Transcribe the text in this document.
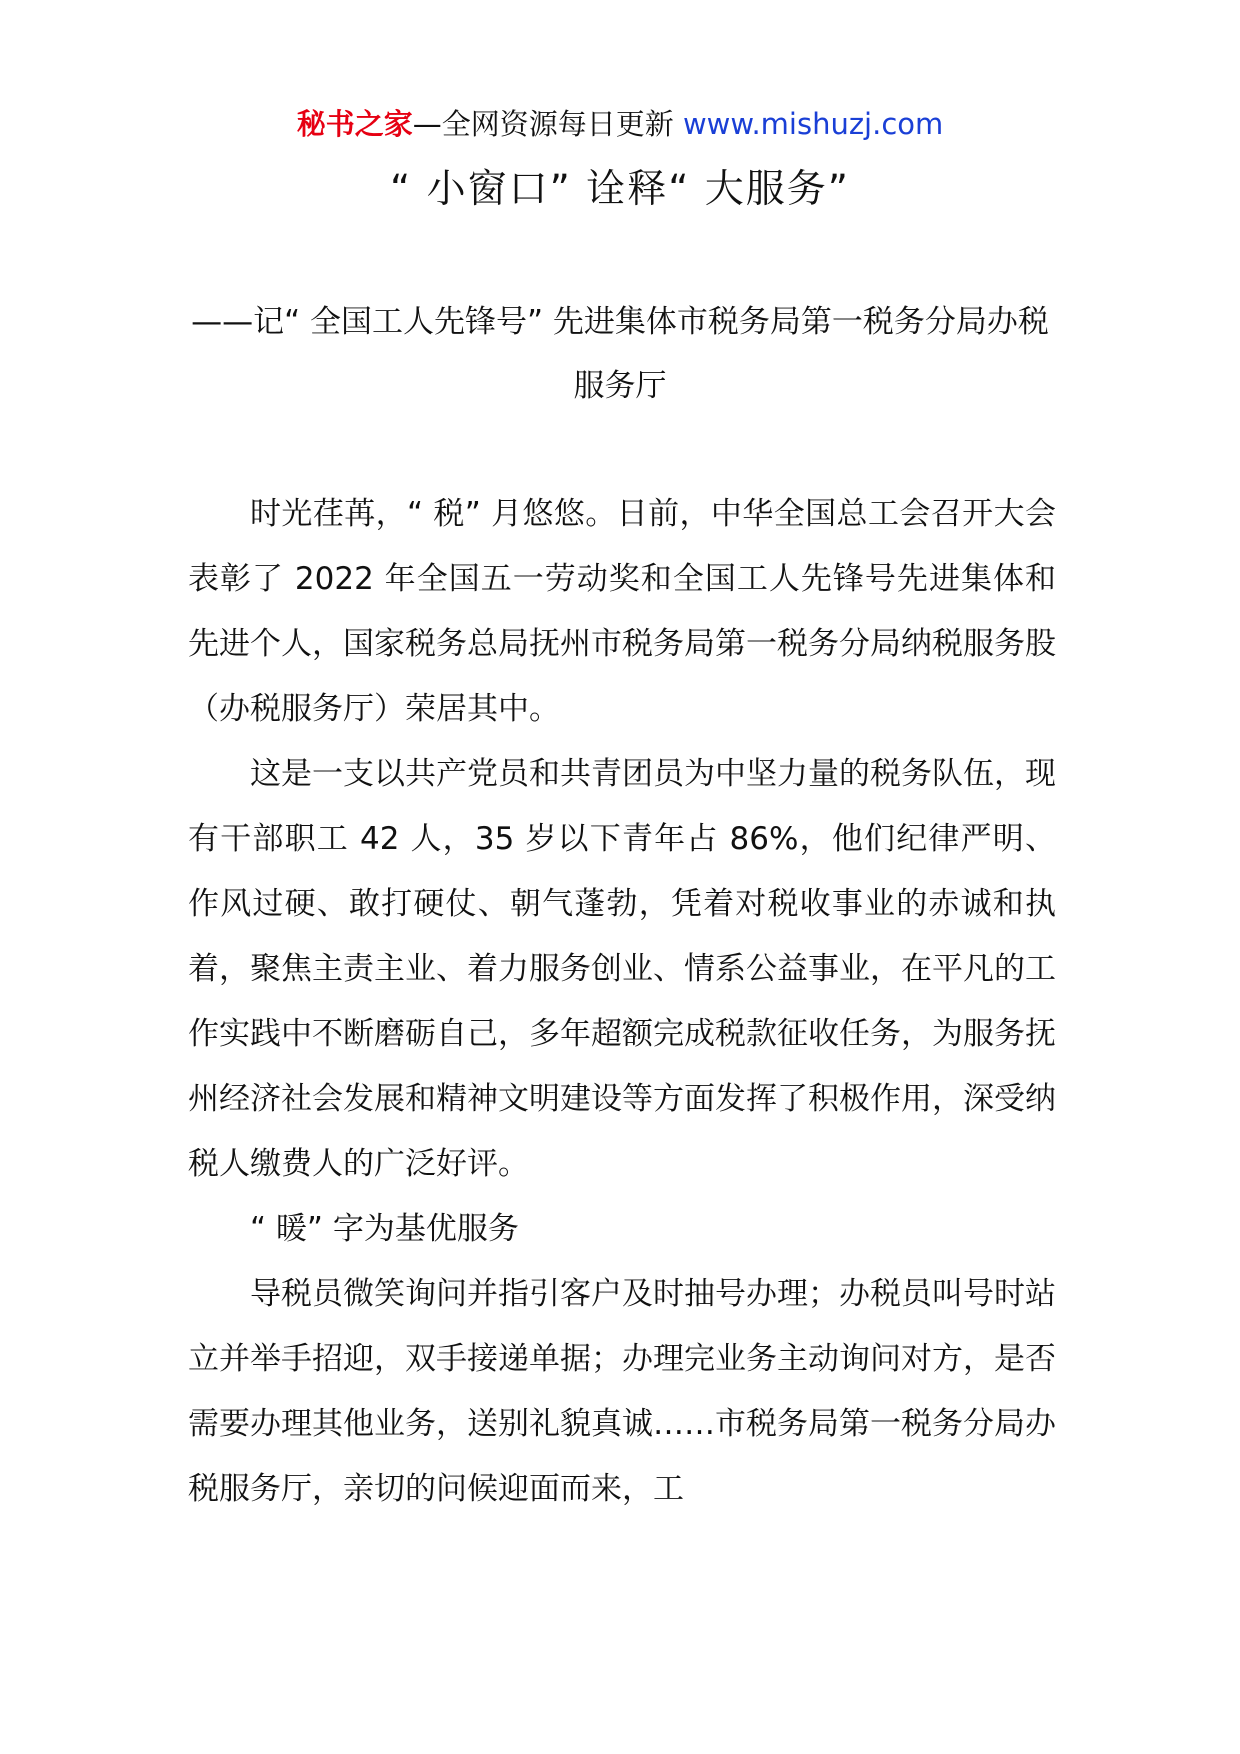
秘书之家—全网资源每日更新 www.mishuzj.com
“ 小窗口” 诠释“ 大服务”
——记“ 全国工人先锋号” 先进集体市税务局第一税务分局办税服务厅

时光荏苒，“ 税” 月悠悠。日前，中华全国总工会召开大会表彰了 2022 年全国五一劳动奖和全国工人先锋号先进集体和先进个人，国家税务总局抚州市税务局第一税务分局纳税服务股（办税服务厅）荣居其中。

这是一支以共产党员和共青团员为中坚力量的税务队伍，现有干部职工 42 人，35 岁以下青年占 86%，他们纪律严明、作风过硬、敢打硬仗、朝气蓬勃，凭着对税收事业的赤诚和执着，聚焦主责主业、着力服务创业、情系公益事业，在平凡的工作实践中不断磨砺自己，多年超额完成税款征收任务，为服务抚州经济社会发展和精神文明建设等方面发挥了积极作用，深受纳税人缴费人的广泛好评。

“ 暖” 字为基优服务

导税员微笑询问并指引客户及时抽号办理；办税员叫号时站立并举手招迎，双手接递单据；办理完业务主动询问对方，是否需要办理其他业务，送别礼貌真诚……市税务局第一税务分局办税服务厅，亲切的问候迎面而来，工
